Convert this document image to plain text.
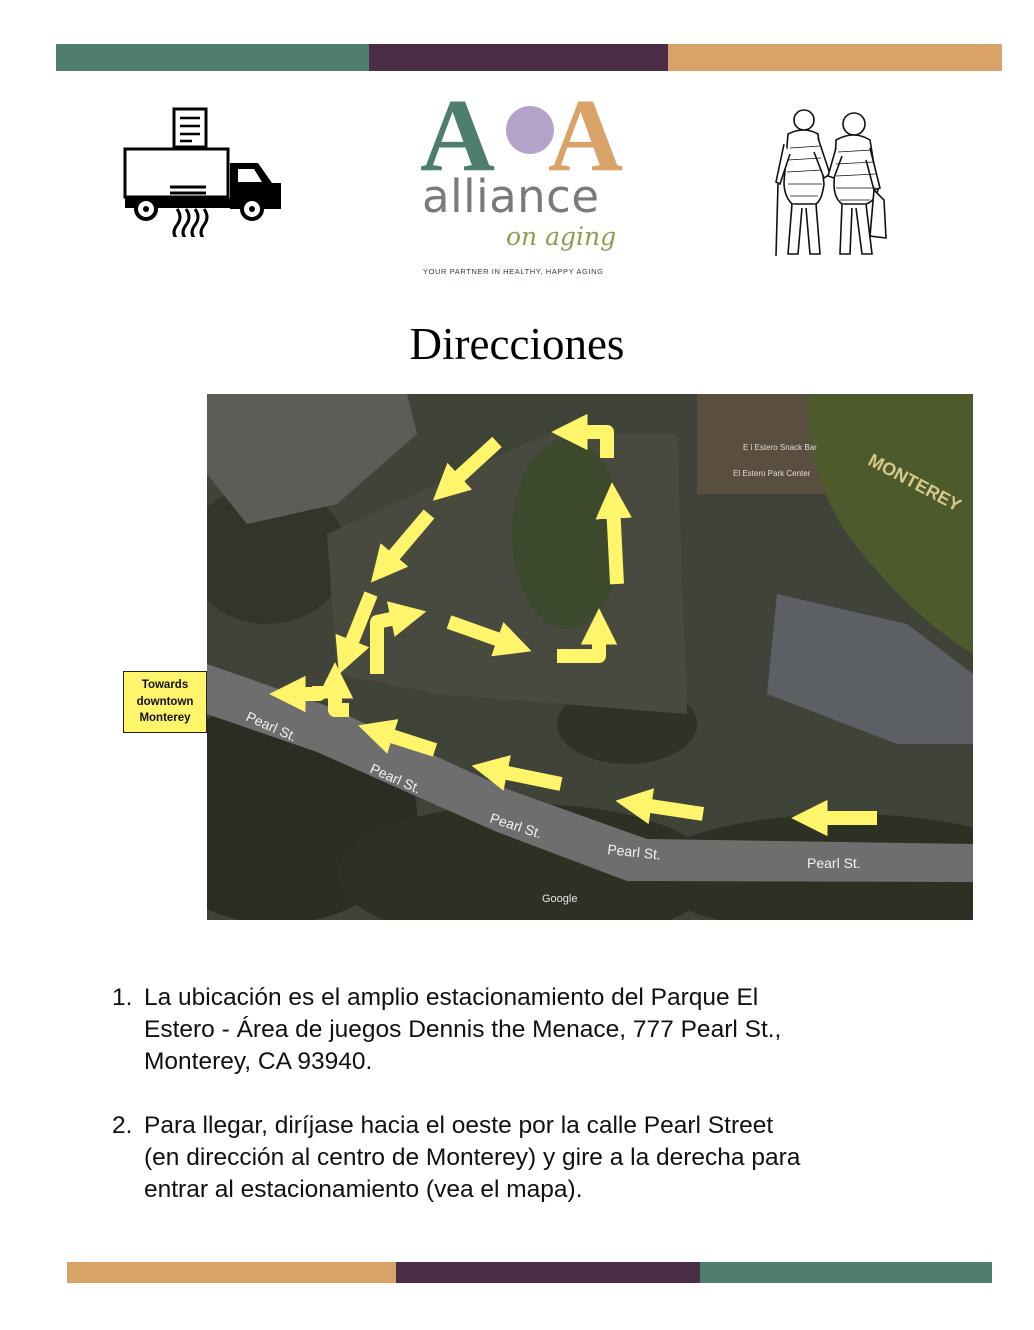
A	o A
alliance
on aging
YOUR PARTNER IN HEALTHY, HAPPY AGING
Direcciones
MONTEREY
E l Estero Snack Bar
El Estero Park Center
Pearl St.
Pearl St.
Pearl St.
Pearl St.
Pearl St.
Google
Towards downtown Monterey
1. La ubicación es el amplio estacionamiento del Parque El
Estero - Área de juegos Dennis the Menace, 777 Pearl St.,
Monterey, CA 93940.
2. Para llegar, diríjase hacia el oeste por la calle Pearl Street
(en dirección al centro de Monterey) y gire a la derecha para
entrar al estacionamiento (vea el mapa).
